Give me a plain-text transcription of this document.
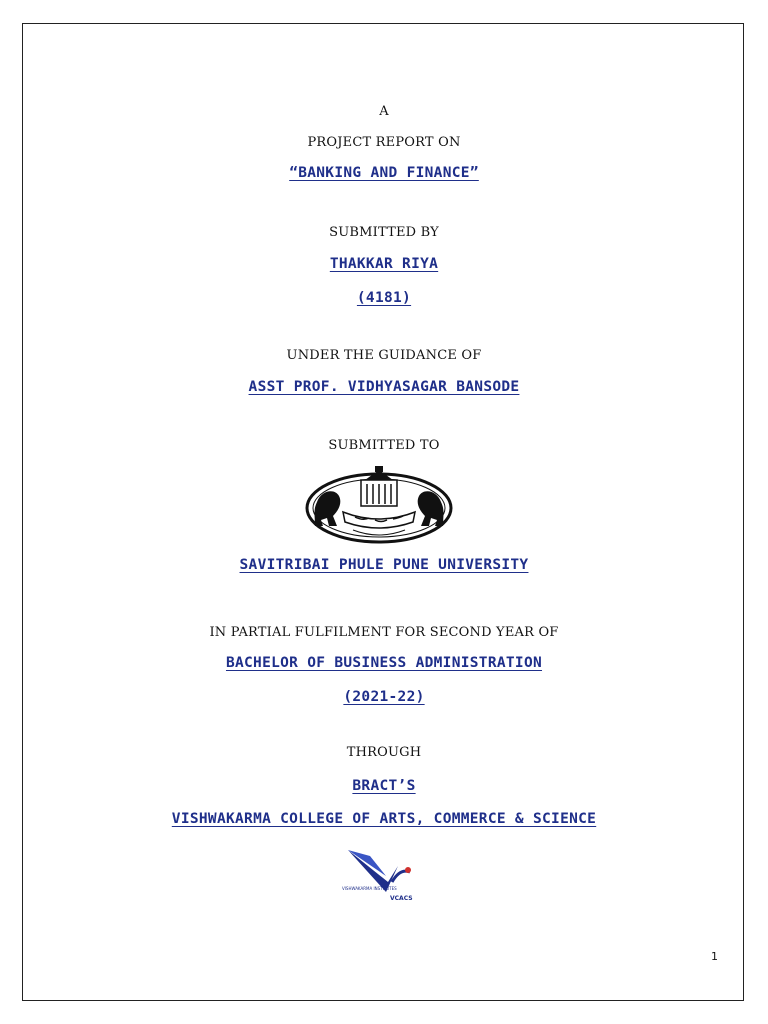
A
PROJECT REPORT ON
“BANKING AND FINANCE”
SUBMITTED BY
THAKKAR RIYA
(4181)
UNDER THE GUIDANCE OF
ASST PROF. VIDHYASAGAR BANSODE
SUBMITTED TO
SAVITRIBAI PHULE PUNE UNIVERSITY
IN PARTIAL FULFILMENT FOR SECOND YEAR OF
BACHELOR OF BUSINESS ADMINISTRATION
(2021-22)
THROUGH
BRACT’S
VISHWAKARMA COLLEGE OF ARTS, COMMERCE & SCIENCE
VISHWAKARMA INSTITUTES
VCACS
1
